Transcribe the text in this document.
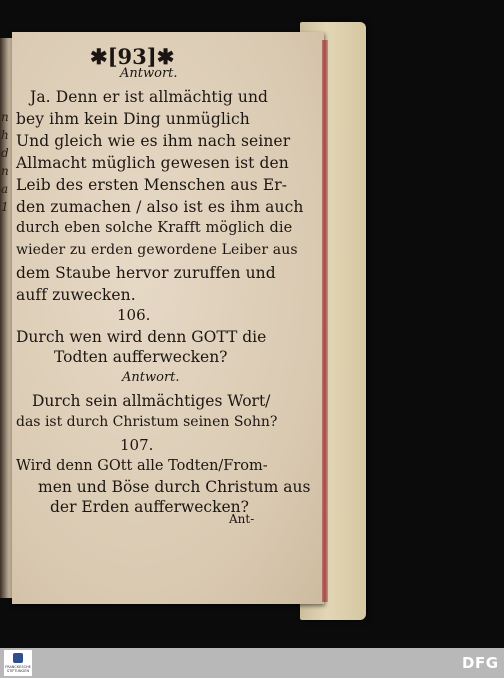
n
h
d
n
a
1
✱[93]✱
Antwort.
Ja. Denn er ist allmächtig und
bey ihm kein Ding unmüglich
Und gleich wie es ihm nach seiner
Allmacht müglich gewesen ist den
Leib des ersten Menschen aus Er-
den zumachen / also ist es ihm auch
durch eben solche Krafft möglich die
wieder zu erden gewordene Leiber aus
dem Staube hervor zuruffen und
auff zuwecken.
106.
Durch wen wird denn GOTT die
Todten aufferwecken?
Antwort.
Durch sein allmächtiges Wort/
das ist durch Christum seinen Sohn?
107.
Wird denn GOtt alle Todten/From-
men und Böse durch Christum aus
der Erden aufferwecken?
Ant-
FRANCKESCHE STIFTUNGEN	DFG
